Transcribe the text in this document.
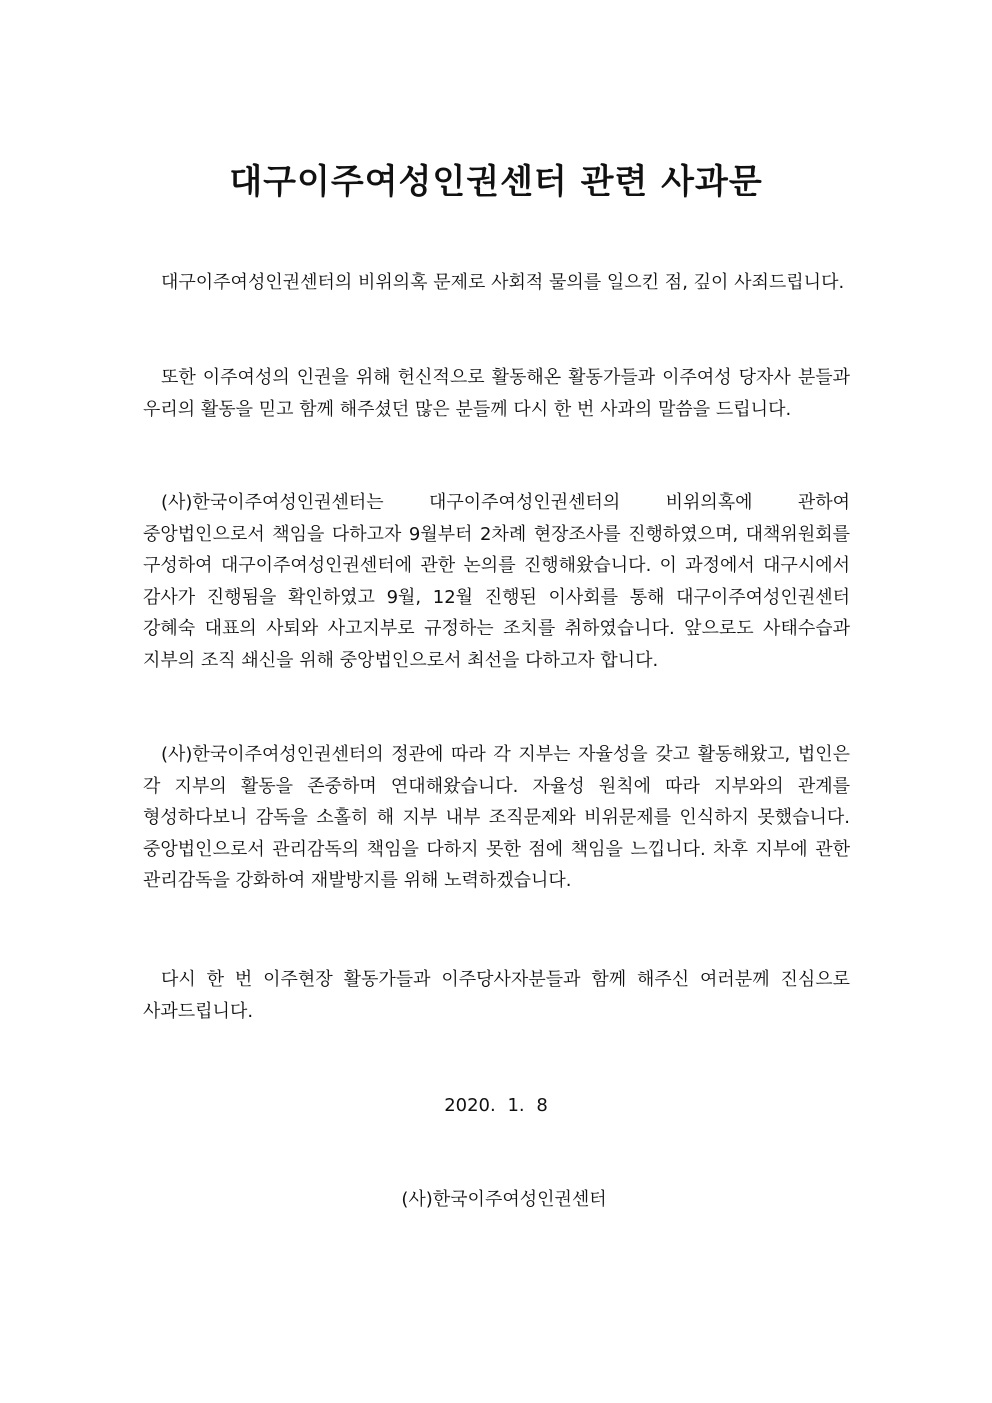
대구이주여성인권센터 관련 사과문

대구이주여성인권센터의 비위의혹 문제로 사회적 물의를 일으킨 점, 깊이 사죄드립니다.

또한 이주여성의 인권을 위해 헌신적으로 활동해온 활동가들과 이주여성 당자사 분들과 우리의 활동을 믿고 함께 해주셨던 많은 분들께 다시 한 번 사과의 말씀을 드립니다.

(사)한국이주여성인권센터는 대구이주여성인권센터의 비위의혹에 관하여 중앙법인으로서 책임을 다하고자 9월부터 2차례 현장조사를 진행하였으며, 대책위원회를 구성하여 대구이주여성인권센터에 관한 논의를 진행해왔습니다. 이 과정에서 대구시에서 감사가 진행됨을 확인하였고 9월, 12월 진행된 이사회를 통해 대구이주여성인권센터 강혜숙 대표의 사퇴와 사고지부로 규정하는 조치를 취하였습니다. 앞으로도 사태수습과 지부의 조직 쇄신을 위해 중앙법인으로서 최선을 다하고자 합니다.

(사)한국이주여성인권센터의 정관에 따라 각 지부는 자율성을 갖고 활동해왔고, 법인은 각 지부의 활동을 존중하며 연대해왔습니다. 자율성 원칙에 따라 지부와의 관계를 형성하다보니 감독을 소홀히 해 지부 내부 조직문제와 비위문제를 인식하지 못했습니다. 중앙법인으로서 관리감독의 책임을 다하지 못한 점에 책임을 느낍니다. 차후 지부에 관한 관리감독을 강화하여 재발방지를 위해 노력하겠습니다.

다시 한 번 이주현장 활동가들과 이주당사자분들과 함께 해주신 여러분께 진심으로 사과드립니다.

2020. 1. 8

(사)한국이주여성인권센터
